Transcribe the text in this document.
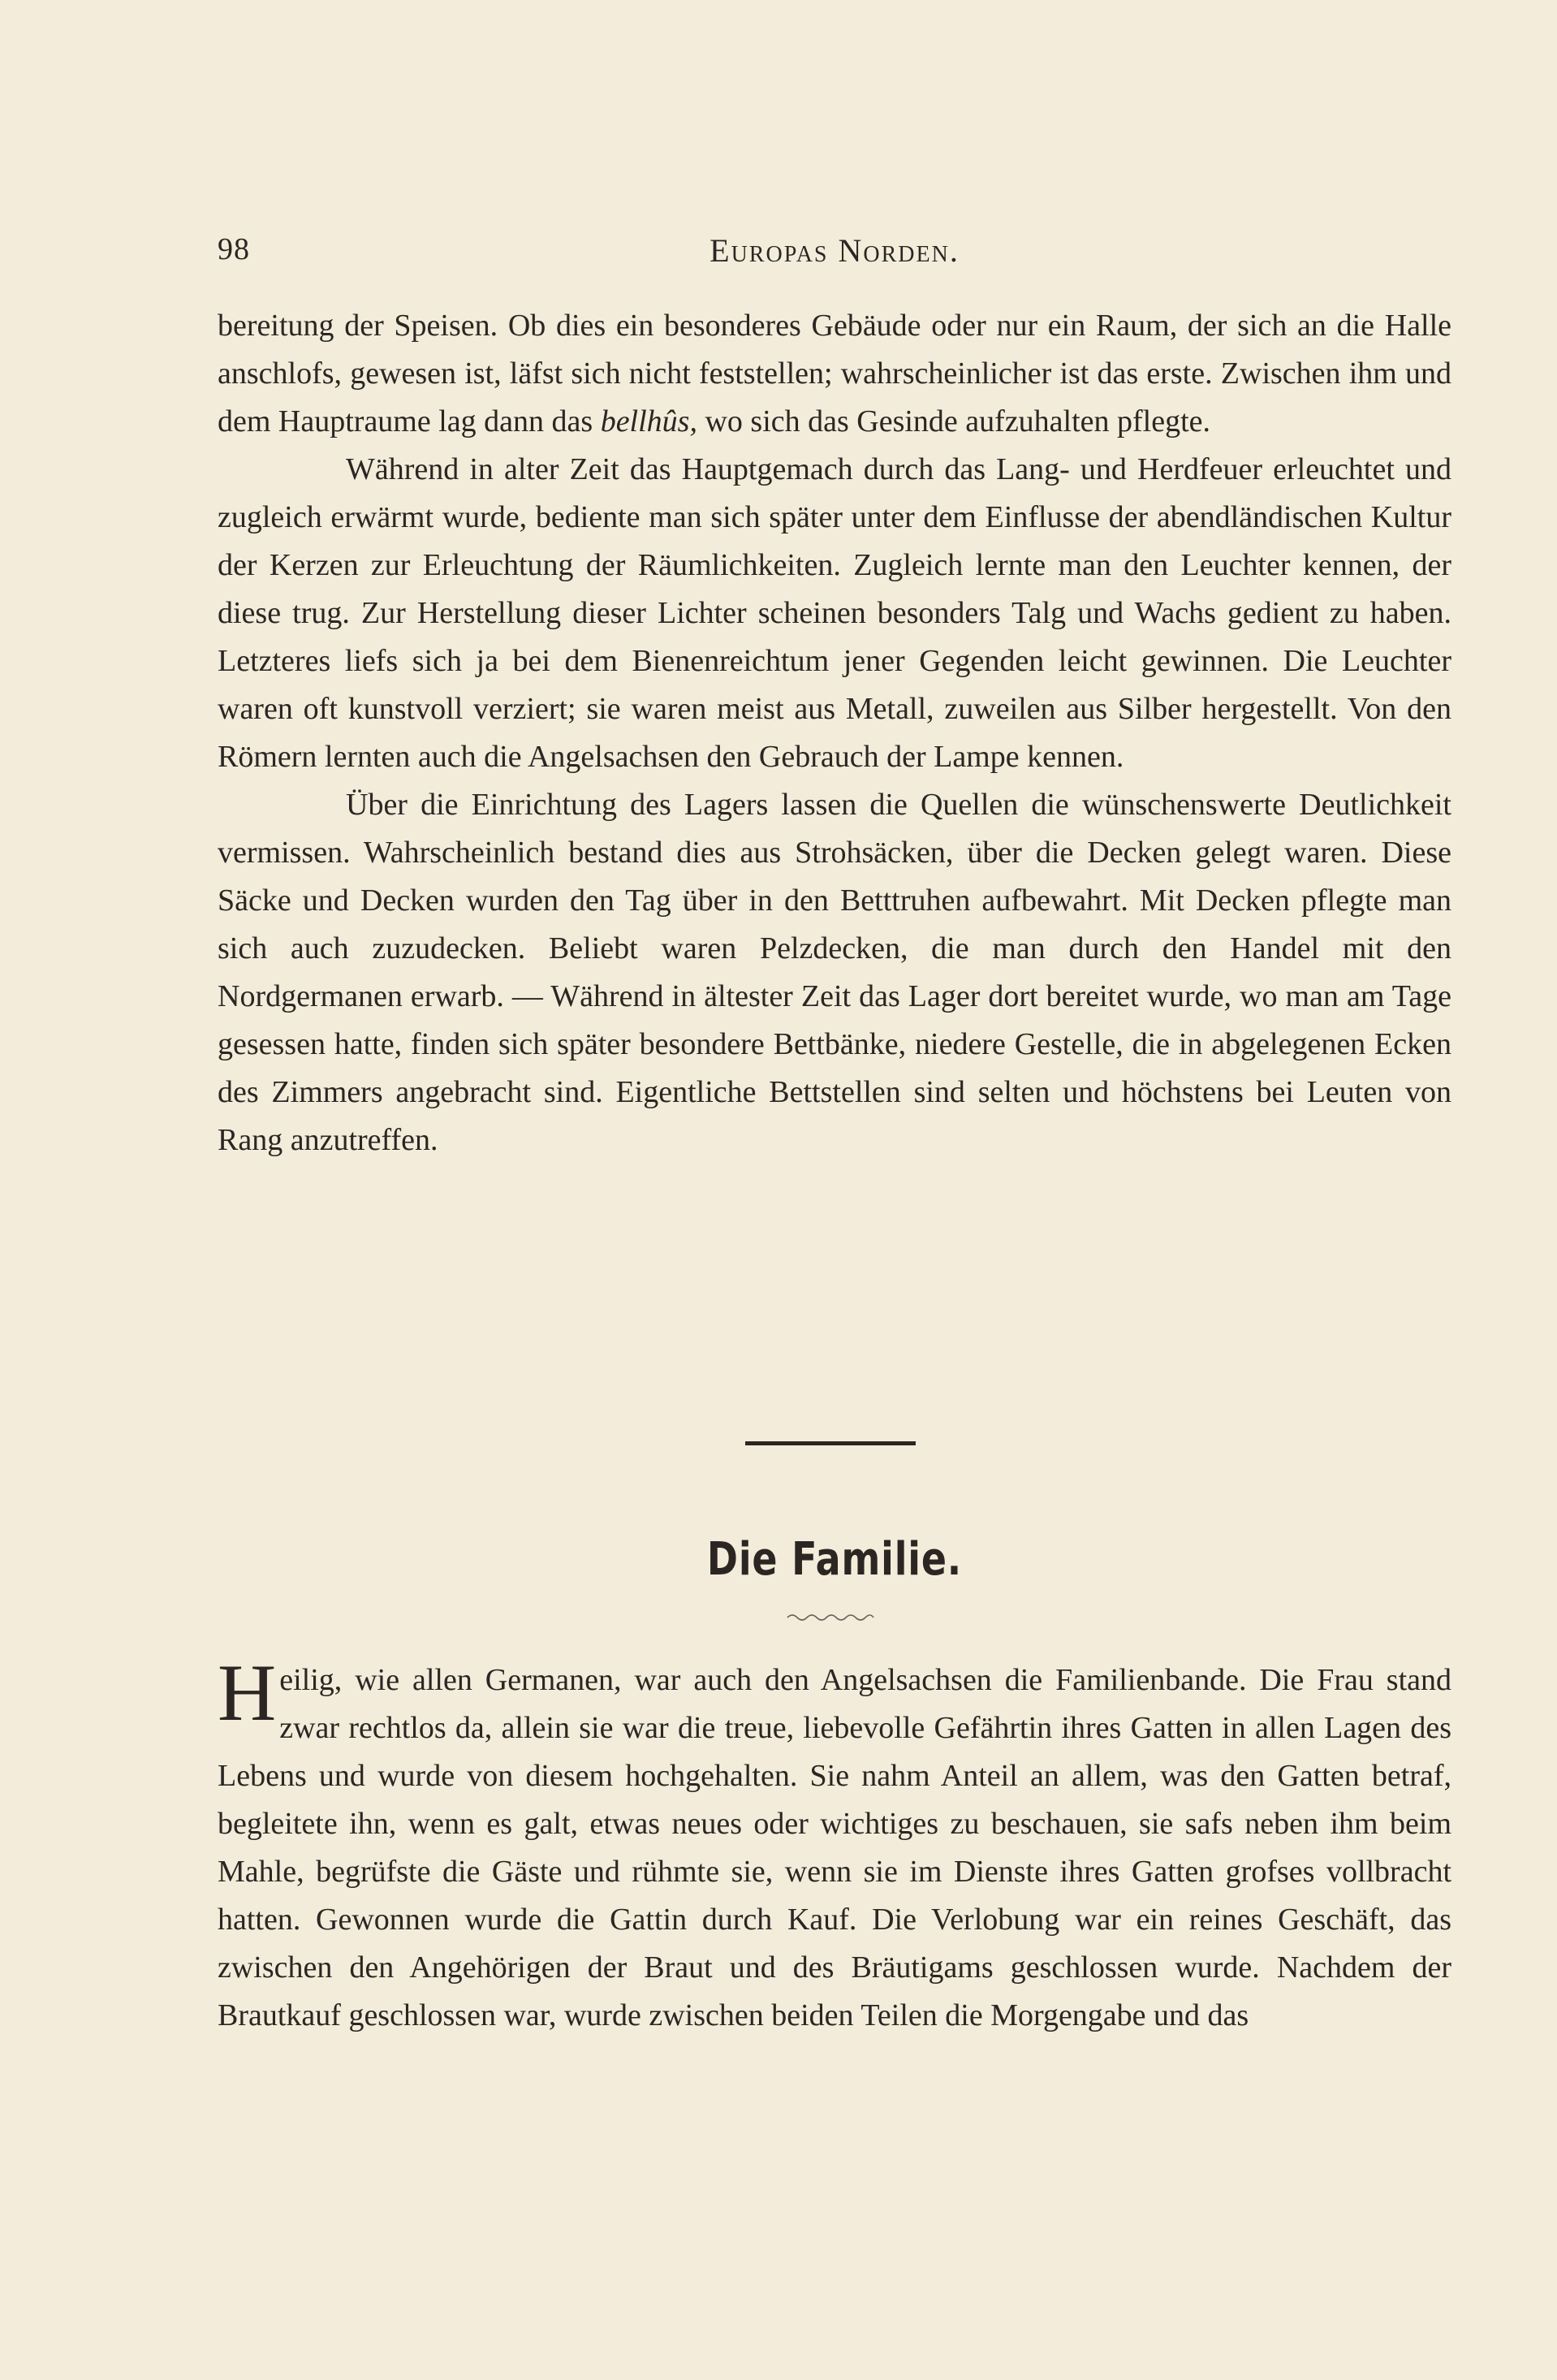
98	Europas Norden.

bereitung der Speisen. Ob dies ein besonderes Gebäude oder nur ein Raum, der sich an die Halle anschlofs, gewesen ist, läfst sich nicht feststellen; wahrscheinlicher ist das erste. Zwischen ihm und dem Hauptraume lag dann das bellhûs, wo sich das Gesinde aufzuhalten pflegte.

Während in alter Zeit das Hauptgemach durch das Lang- und Herdfeuer erleuchtet und zugleich erwärmt wurde, bediente man sich später unter dem Einflusse der abendländischen Kultur der Kerzen zur Erleuchtung der Räumlichkeiten. Zugleich lernte man den Leuchter kennen, der diese trug. Zur Herstellung dieser Lichter scheinen besonders Talg und Wachs gedient zu haben. Letzteres liefs sich ja bei dem Bienenreichtum jener Gegenden leicht gewinnen. Die Leuchter waren oft kunstvoll verziert; sie waren meist aus Metall, zuweilen aus Silber hergestellt. Von den Römern lernten auch die Angelsachsen den Gebrauch der Lampe kennen.

Über die Einrichtung des Lagers lassen die Quellen die wünschenswerte Deutlichkeit vermissen. Wahrscheinlich bestand dies aus Strohsäcken, über die Decken gelegt waren. Diese Säcke und Decken wurden den Tag über in den Betttruhen aufbewahrt. Mit Decken pflegte man sich auch zuzudecken. Beliebt waren Pelzdecken, die man durch den Handel mit den Nordgermanen erwarb. — Während in ältester Zeit das Lager dort bereitet wurde, wo man am Tage gesessen hatte, finden sich später besondere Bettbänke, niedere Gestelle, die in abgelegenen Ecken des Zimmers angebracht sind. Eigentliche Bettstellen sind selten und höchstens bei Leuten von Rang anzutreffen.

Die Familie.

Heilig, wie allen Germanen, war auch den Angelsachsen die Familienbande. Die Frau stand zwar rechtlos da, allein sie war die treue, liebevolle Gefährtin ihres Gatten in allen Lagen des Lebens und wurde von diesem hochgehalten. Sie nahm Anteil an allem, was den Gatten betraf, begleitete ihn, wenn es galt, etwas neues oder wichtiges zu beschauen, sie safs neben ihm beim Mahle, begrüfste die Gäste und rühmte sie, wenn sie im Dienste ihres Gatten grofses vollbracht hatten. Gewonnen wurde die Gattin durch Kauf. Die Verlobung war ein reines Geschäft, das zwischen den Angehörigen der Braut und des Bräutigams geschlossen wurde. Nachdem der Brautkauf geschlossen war, wurde zwischen beiden Teilen die Morgengabe und das
